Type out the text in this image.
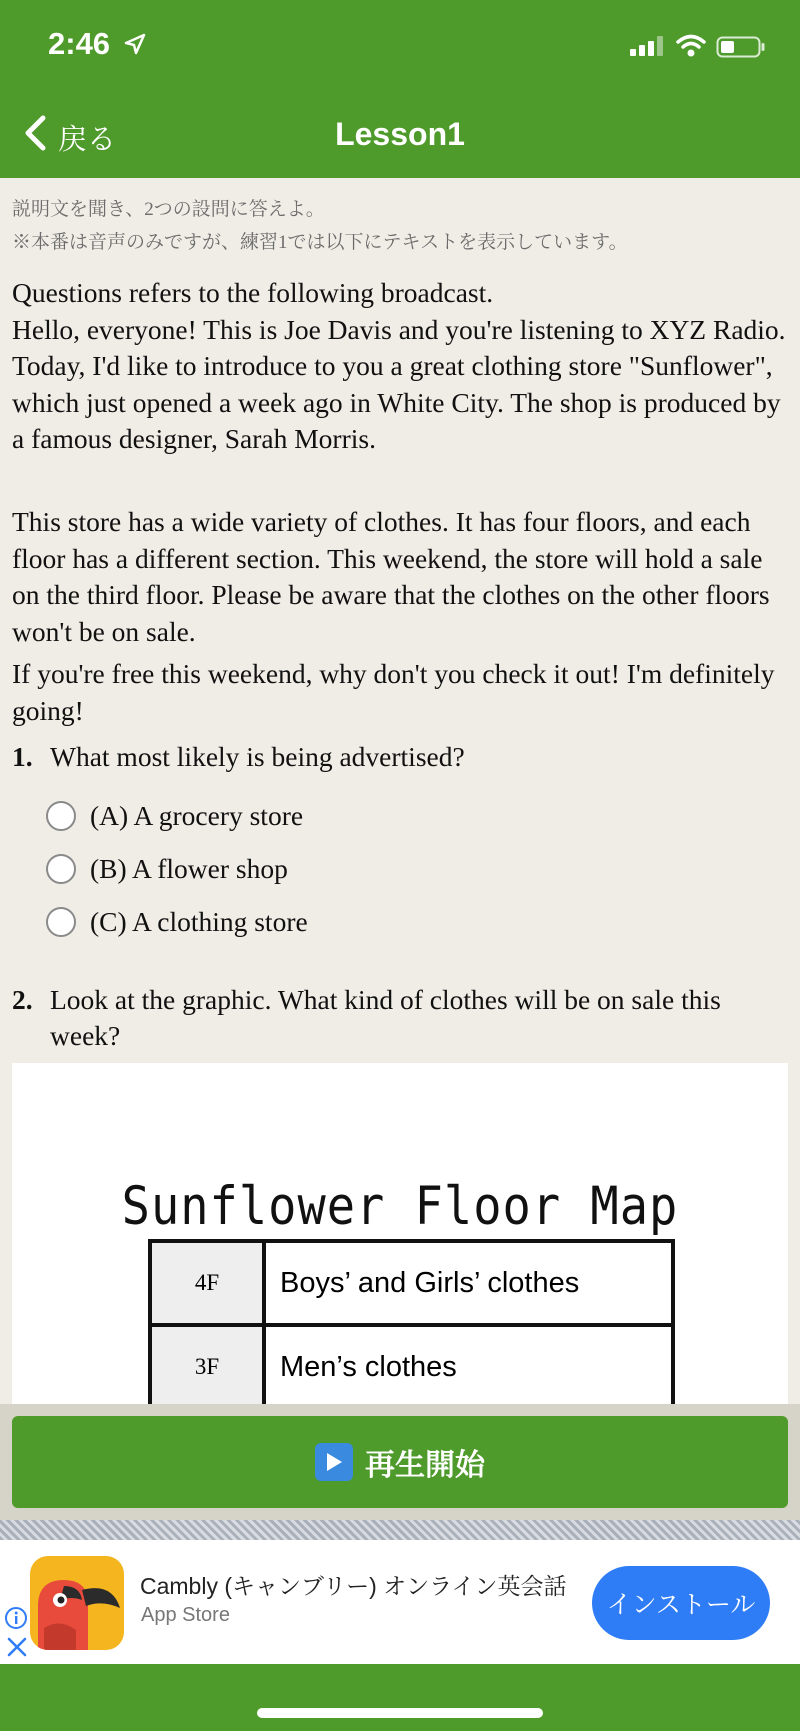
2:46
戻る	Lesson1
説明文を聞き、2つの設問に答えよ。
※本番は音声のみですが、練習1では以下にテキストを表示しています。
Questions refers to the following broadcast.
Hello, everyone! This is Joe Davis and you're listening to XYZ Radio. Today, I'd like to introduce to you a great clothing store "Sunflower", which just opened a week ago in White City. The shop is produced by a famous designer, Sarah Morris.
This store has a wide variety of clothes. It has four floors, and each floor has a different section. This weekend, the store will hold a sale on the third floor. Please be aware that the clothes on the other floors won't be on sale.
If you're free this weekend, why don't you check it out! I'm definitely going!
1. What most likely is being advertised?
(A) A grocery store
(B) A flower shop
(C) A clothing store
2. Look at the graphic. What kind of clothes will be on sale this week?
Sunflower Floor Map
4F	Boys’ and Girls’ clothes
3F	Men’s clothes
再生開始
Cambly (キャンブリー) オンライン英会話
App Store	インストール
